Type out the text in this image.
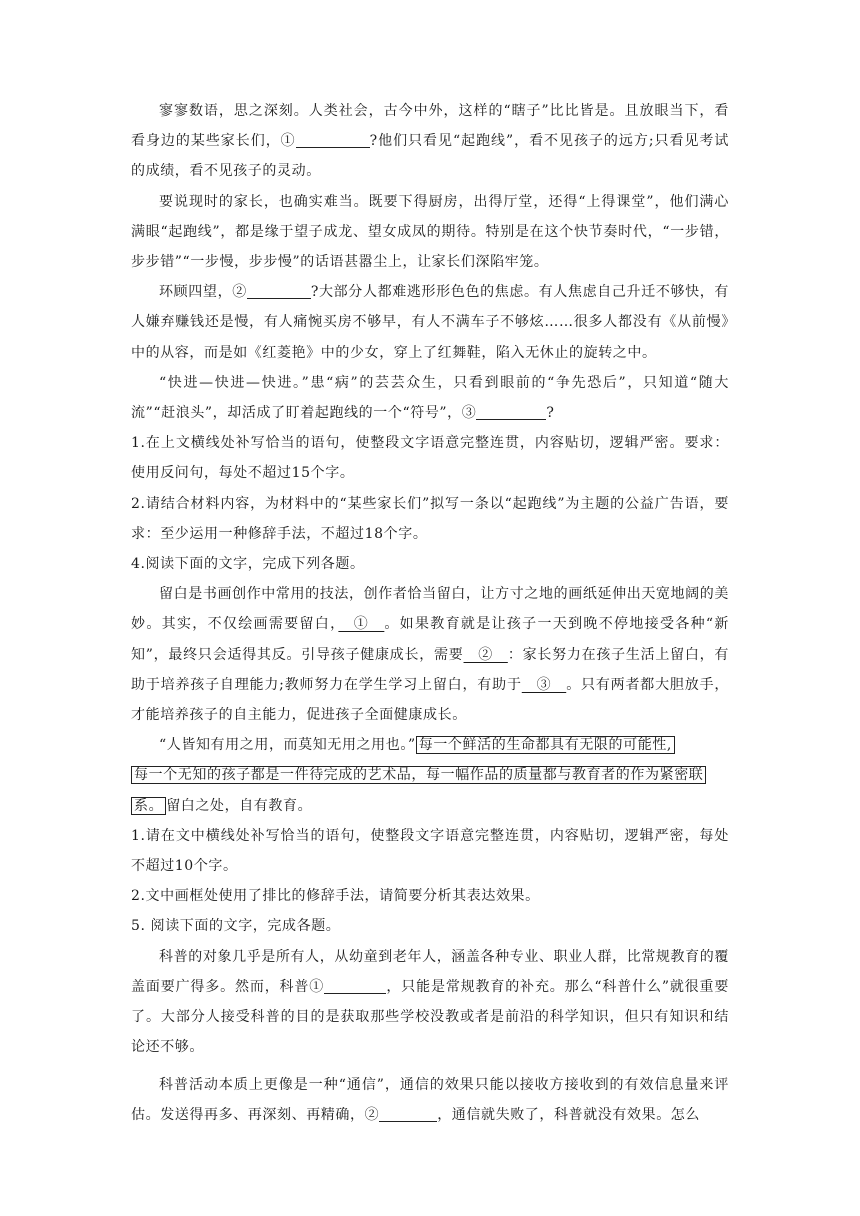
寥寥数语，思之深刻。人类社会，古今中外，这样的“瞎子”比比皆是。且放眼当下，看看身边的某些家长们，①	?他们只看见“起跑线”，看不见孩子的远方;只看见考试的成绩，看不见孩子的灵动。

要说现时的家长，也确实难当。既要下得厨房，出得厅堂，还得“上得课堂”，他们满心满眼“起跑线”，都是缘于望子成龙、望女成凤的期待。特别是在这个快节奏时代，“一步错，步步错”“一步慢，步步慢”的话语甚嚣尘上，让家长们深陷牢笼。

环顾四望，②	?大部分人都难逃形形色色的焦虑。有人焦虑自己升迁不够快，有人嫌弃赚钱还是慢，有人痛惋买房不够早，有人不满车子不够炫……很多人都没有《从前慢》中的从容，而是如《红菱艳》中的少女，穿上了红舞鞋，陷入无休止的旋转之中。

“快进—快进—快进。”患“病”的芸芸众生，只看到眼前的“争先恐后”，只知道“随大流”“赶浪头”，却活成了盯着起跑线的一个“符号”，③	?

1.在上文横线处补写恰当的语句，使整段文字语意完整连贯，内容贴切，逻辑严密。要求：使用反问句，每处不超过15个字。

2.请结合材料内容，为材料中的“某些家长们”拟写一条以“起跑线”为主题的公益广告语，要求：至少运用一种修辞手法，不超过18个字。

4.阅读下面的文字，完成下列各题。

留白是书画创作中常用的技法，创作者恰当留白，让方寸之地的画纸延伸出天宽地阔的美妙。其实，不仅绘画需要留白，　①　。如果教育就是让孩子一天到晚不停地接受各种“新知”，最终只会适得其反。引导孩子健康成长，需要　②　：家长努力在孩子生活上留白，有助于培养孩子自理能力;教师努力在学生学习上留白，有助于　③　。只有两者都大胆放手，才能培养孩子的自主能力，促进孩子全面健康成长。

“人皆知有用之用，而莫知无用之用也。” 每一个鲜活的生命都具有无限的可能性,
每一个无知的孩子都是一件待完成的艺术品，每一幅作品的质量都与教育者的作为紧密联
系。 留白之处，自有教育。

1.请在文中横线处补写恰当的语句，使整段文字语意完整连贯，内容贴切，逻辑严密，每处不超过10个字。

2.文中画框处使用了排比的修辞手法，请简要分析其表达效果。

5. 阅读下面的文字，完成各题。

科普的对象几乎是所有人，从幼童到老年人，涵盖各种专业、职业人群，比常规教育的覆盖面要广得多。然而，科普①	，只能是常规教育的补充。那么“科普什么”就很重要了。大部分人接受科普的目的是获取那些学校没教或者是前沿的科学知识，但只有知识和结论还不够。

科普活动本质上更像是一种“通信”，通信的效果只能以接收方接收到的有效信息量来评估。发送得再多、再深刻、再精确，②	，通信就失败了，科普就没有效果。怎么
